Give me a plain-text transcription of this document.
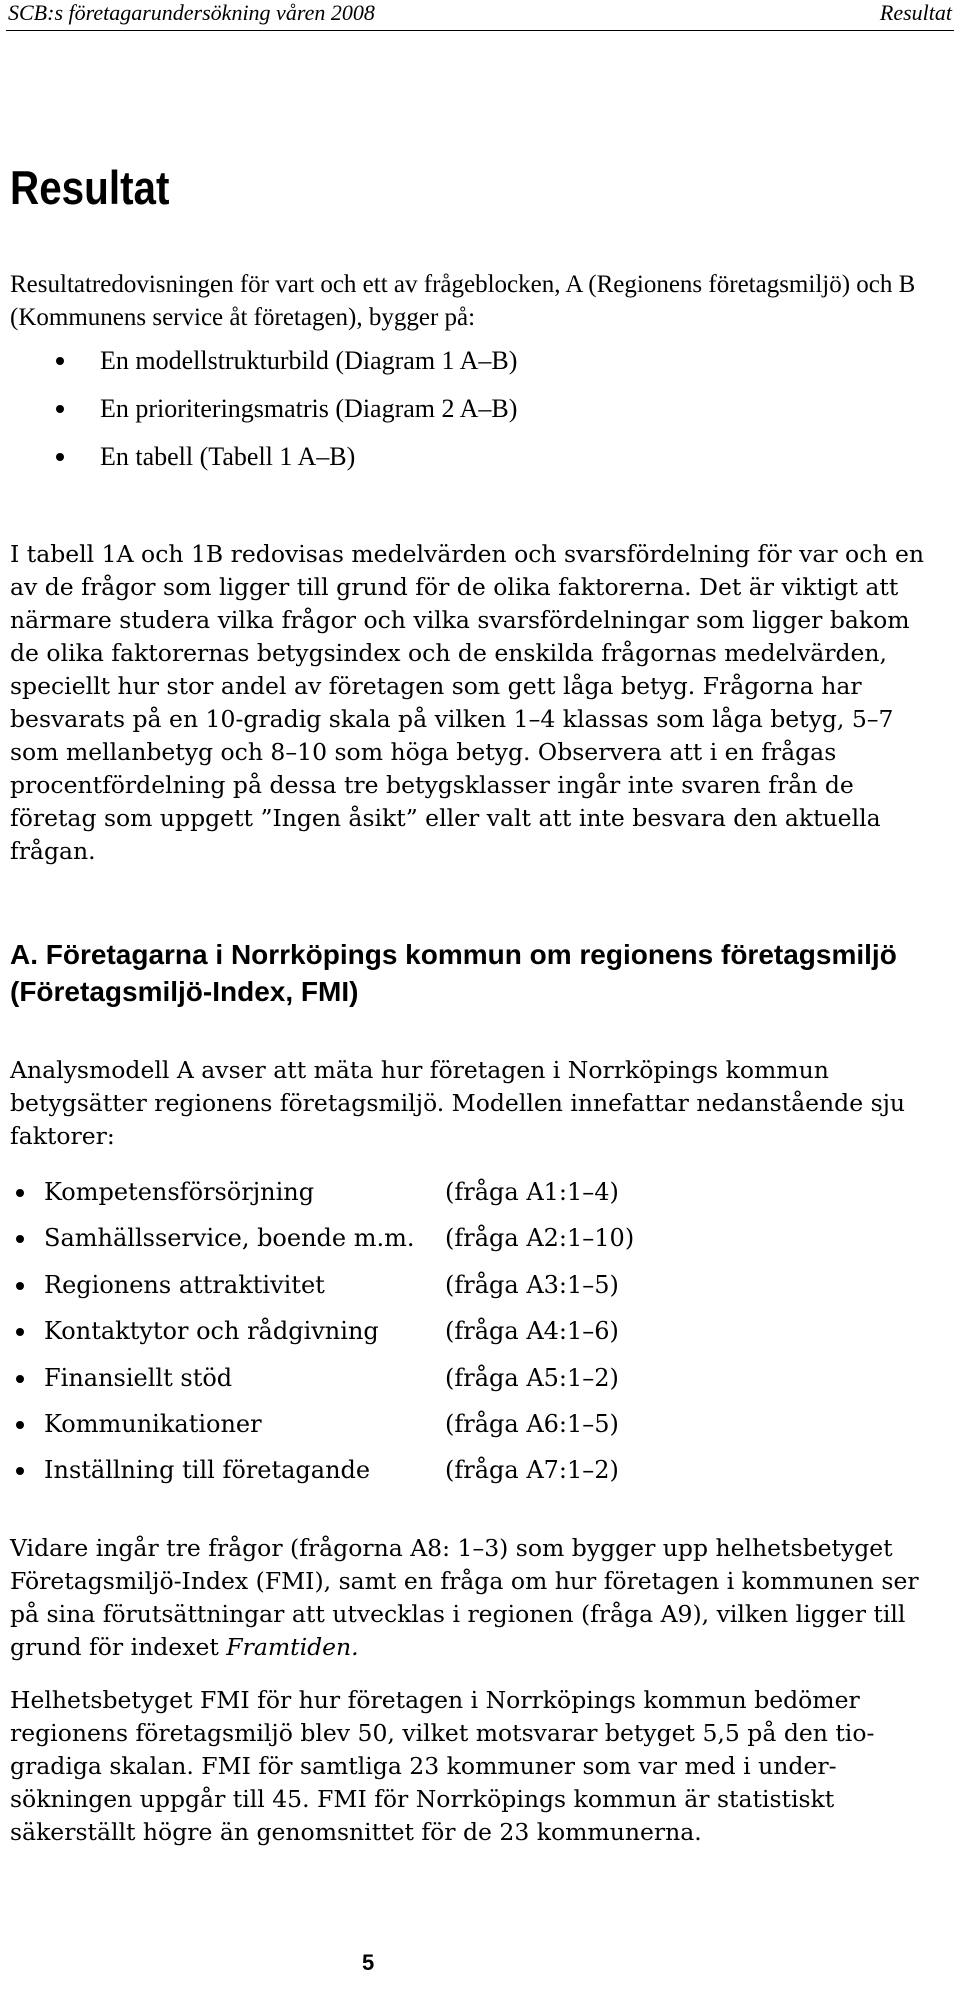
SCB:s företagarundersökning våren 2008	Resultat
Resultat

Resultatredovisningen för vart och ett av frågeblocken, A (Regionens företagsmiljö) och B (Kommunens service åt företagen), bygger på:

En modellstrukturbild (Diagram 1 A–B)
En prioriteringsmatris (Diagram 2 A–B)
En tabell (Tabell 1 A–B)

I tabell 1A och 1B redovisas medelvärden och svarsfördelning för var och en av de frågor som ligger till grund för de olika faktorerna. Det är viktigt att närmare studera vilka frågor och vilka svarsfördelningar som ligger bakom de olika faktorernas betygsindex och de enskilda frågornas medelvärden, speciellt hur stor andel av företagen som gett låga betyg. Frågorna har besvarats på en 10-gradig skala på vilken 1–4 klassas som låga betyg, 5–7 som mellanbetyg och 8–10 som höga betyg. Observera att i en frågas procentfördelning på dessa tre betygsklasser ingår inte svaren från de företag som uppgett ”Ingen åsikt” eller valt att inte besvara den aktuella frågan.

A. Företagarna i Norrköpings kommun om regionens företagsmiljö (Företagsmiljö-Index, FMI)

Analysmodell A avser att mäta hur företagen i Norrköpings kommun betygsätter regionens företagsmiljö. Modellen innefattar nedanstående sju faktorer:

Kompetensförsörjning	(fråga A1:1–4)
Samhällsservice, boende m.m. (fråga A2:1–10)
Regionens attraktivitet	(fråga A3:1–5)
Kontaktytor och rådgivning	(fråga A4:1–6)
Finansiellt stöd	(fråga A5:1–2)
Kommunikationer	(fråga A6:1–5)
Inställning till företagande	(fråga A7:1–2)

Vidare ingår tre frågor (frågorna A8: 1–3) som bygger upp helhetsbetyget Företagsmiljö-Index (FMI), samt en fråga om hur företagen i kommunen ser på sina förutsättningar att utvecklas i regionen (fråga A9), vilken ligger till grund för indexet Framtiden.

Helhetsbetyget FMI för hur företagen i Norrköpings kommun bedömer regionens företagsmiljö blev 50, vilket motsvarar betyget 5,5 på den tio-gradiga skalan. FMI för samtliga 23 kommuner som var med i under-sökningen uppgår till 45. FMI för Norrköpings kommun är statistiskt säkerställt högre än genomsnittet för de 23 kommunerna.

5
